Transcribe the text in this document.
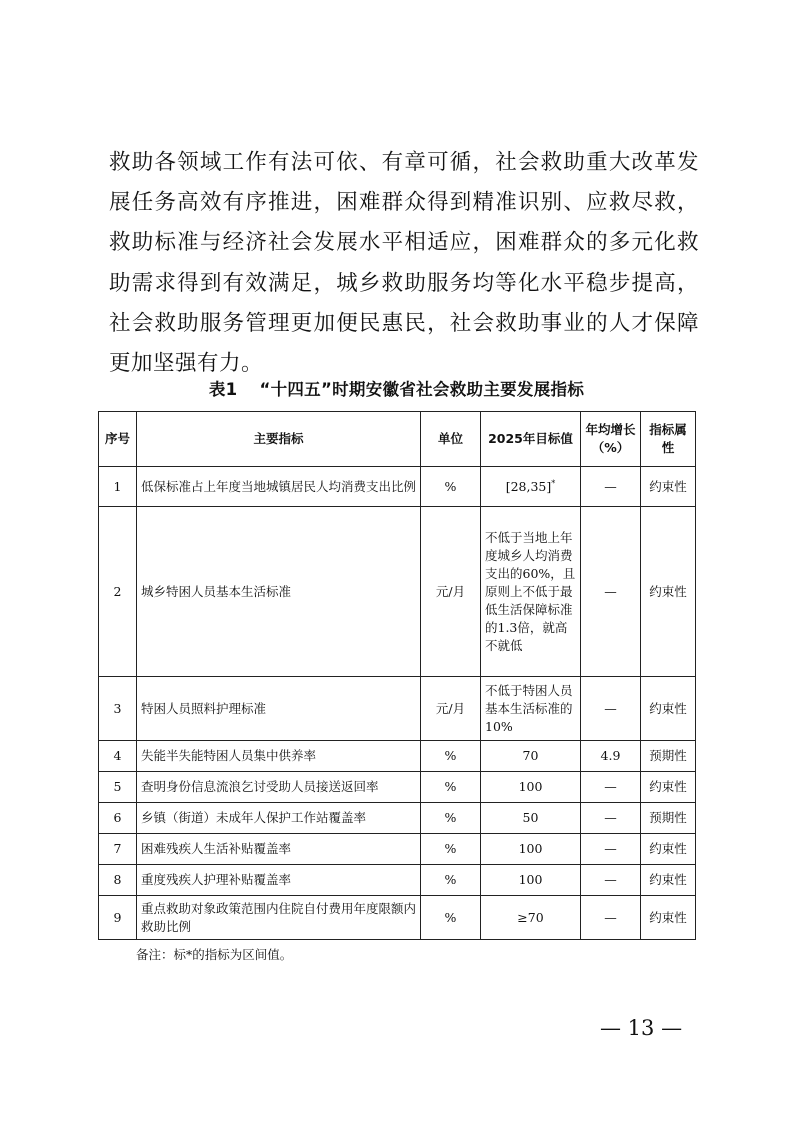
救助各领域工作有法可依、有章可循，社会救助重大改革发展任务高效有序推进，困难群众得到精准识别、应救尽救，救助标准与经济社会发展水平相适应，困难群众的多元化救助需求得到有效满足，城乡救助服务均等化水平稳步提高，社会救助服务管理更加便民惠民，社会救助事业的人才保障更加坚强有力。

表1 “十四五”时期安徽省社会救助主要发展指标
序号	主要指标	单位	2025年目标值	年均增长（%）	指标属性
1	低保标准占上年度当地城镇居民人均消费支出比例	%	[28,35]*	—	约束性
2	城乡特困人员基本生活标准	元/月	不低于当地上年度城乡人均消费支出的60%，且原则上不低于最低生活保障标准的1.3倍，就高不就低	—	约束性
3	特困人员照料护理标准	元/月	不低于特困人员基本生活标准的10%	—	约束性
4	失能半失能特困人员集中供养率	%	70	4.9	预期性
5	查明身份信息流浪乞讨受助人员接送返回率	%	100	—	约束性
6	乡镇（街道）未成年人保护工作站覆盖率	%	50	—	预期性
7	困难残疾人生活补贴覆盖率	%	100	—	约束性
8	重度残疾人护理补贴覆盖率	%	100	—	约束性
9	重点救助对象政策范围内住院自付费用年度限额内救助比例	%	≥70	—	约束性

备注：标*的指标为区间值。

— 13 —
